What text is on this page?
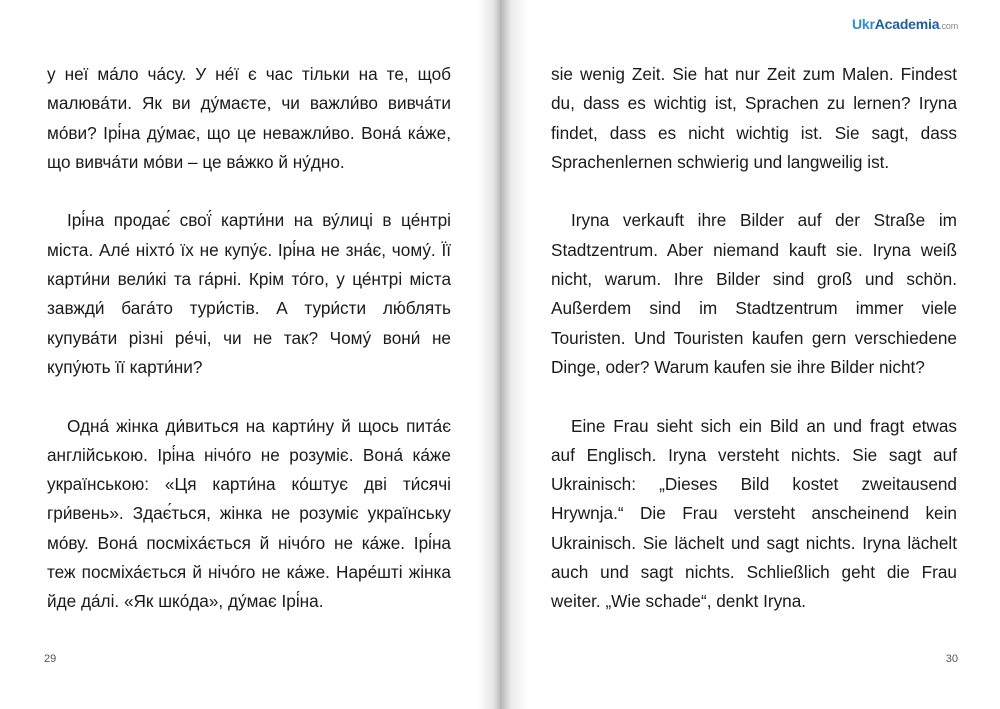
у неї ма́ло ча́су. У не́ї є час тільки на те, щоб малюва́ти. Як ви ду́маєте, чи важли́во вивча́ти мо́ви? Ірі́на ду́має, що це неважли́во. Вона́ ка́же, що вивча́ти мо́ви – це ва́жко й ну́дно.

Ірі́на продає́ свої́ карти́ни на ву́лиці в це́нтрі міста. Але́ ніхто́ їх не купу́є. Ірі́на не зна́є, чому́. Її карти́ни вели́кі та га́рні. Крім то́го, у це́нтрі міста завжди́ бага́то тури́стів. А тури́сти лю́блять купува́ти різні ре́чі, чи не так? Чому́ вони́ не купу́ють її карти́ни?

Одна́ жінка ди́виться на карти́ну й щось пита́є англійською. Ірі́на нічо́го не розуміє. Вона́ ка́же українською: «Ця карти́на ко́штує дві ти́сячі гри́вень». Здає́ться, жінка не розуміє українську мо́ву. Вона́ посміха́ється й нічо́го не ка́же. Ірі́на теж посміха́ється й нічо́го не ка́же. Наре́шті жінка йде да́лі. «Як шко́да», ду́має Ірі́на.

29
UkrAcademia.com

sie wenig Zeit. Sie hat nur Zeit zum Malen. Findest du, dass es wichtig ist, Sprachen zu lernen? Iryna findet, dass es nicht wichtig ist. Sie sagt, dass Sprachenlernen schwierig und langweilig ist.

Iryna verkauft ihre Bilder auf der Straße im Stadtzentrum. Aber niemand kauft sie. Iryna weiß nicht, warum. Ihre Bilder sind groß und schön. Außerdem sind im Stadtzentrum immer viele Touristen. Und Touristen kaufen gern verschiedene Dinge, oder? Warum kaufen sie ihre Bilder nicht?

Eine Frau sieht sich ein Bild an und fragt etwas auf Englisch. Iryna versteht nichts. Sie sagt auf Ukrainisch: „Dieses Bild kostet zweitausend Hrywnja.“ Die Frau versteht anscheinend kein Ukrainisch. Sie lächelt und sagt nichts. Iryna lächelt auch und sagt nichts. Schließlich geht die Frau weiter. „Wie schade“, denkt Iryna.

30
